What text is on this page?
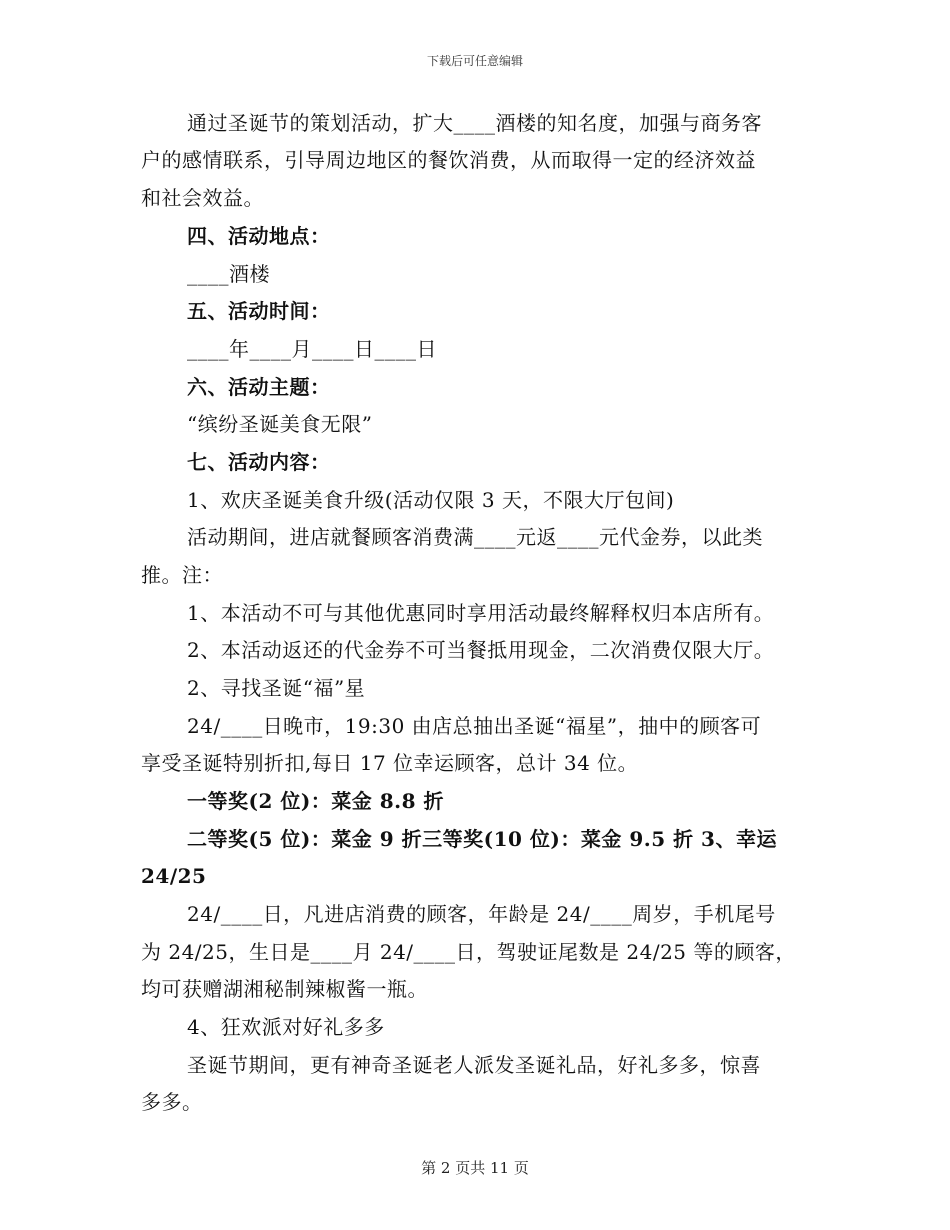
下载后可任意编辑
通过圣诞节的策划活动，扩大____酒楼的知名度，加强与商务客
户的感情联系，引导周边地区的餐饮消费，从而取得一定的经济效益
和社会效益。
四、活动地点：
____酒楼
五、活动时间：
____年____月____日____日
六、活动主题：
“缤纷圣诞美食无限”
七、活动内容：
1、欢庆圣诞美食升级(活动仅限 3 天，不限大厅包间)
活动期间，进店就餐顾客消费满____元返____元代金券，以此类
推。注：
1、本活动不可与其他优惠同时享用活动最终解释权归本店所有。
2、本活动返还的代金券不可当餐抵用现金，二次消费仅限大厅。
2、寻找圣诞“福”星
24/____日晚市，19:30 由店总抽出圣诞“福星”，抽中的顾客可
享受圣诞特别折扣,每日 17 位幸运顾客，总计 34 位。
一等奖(2 位)：菜金 8.8 折
二等奖(5 位)：菜金 9 折三等奖(10 位)：菜金 9.5 折 3、幸运
24/25
24/____日，凡进店消费的顾客，年龄是 24/____周岁，手机尾号
为 24/25，生日是____月 24/____日，驾驶证尾数是 24/25 等的顾客，
均可获赠湖湘秘制辣椒酱一瓶。
4、狂欢派对好礼多多
圣诞节期间，更有神奇圣诞老人派发圣诞礼品，好礼多多，惊喜
多多。
第 2 页共 11 页
